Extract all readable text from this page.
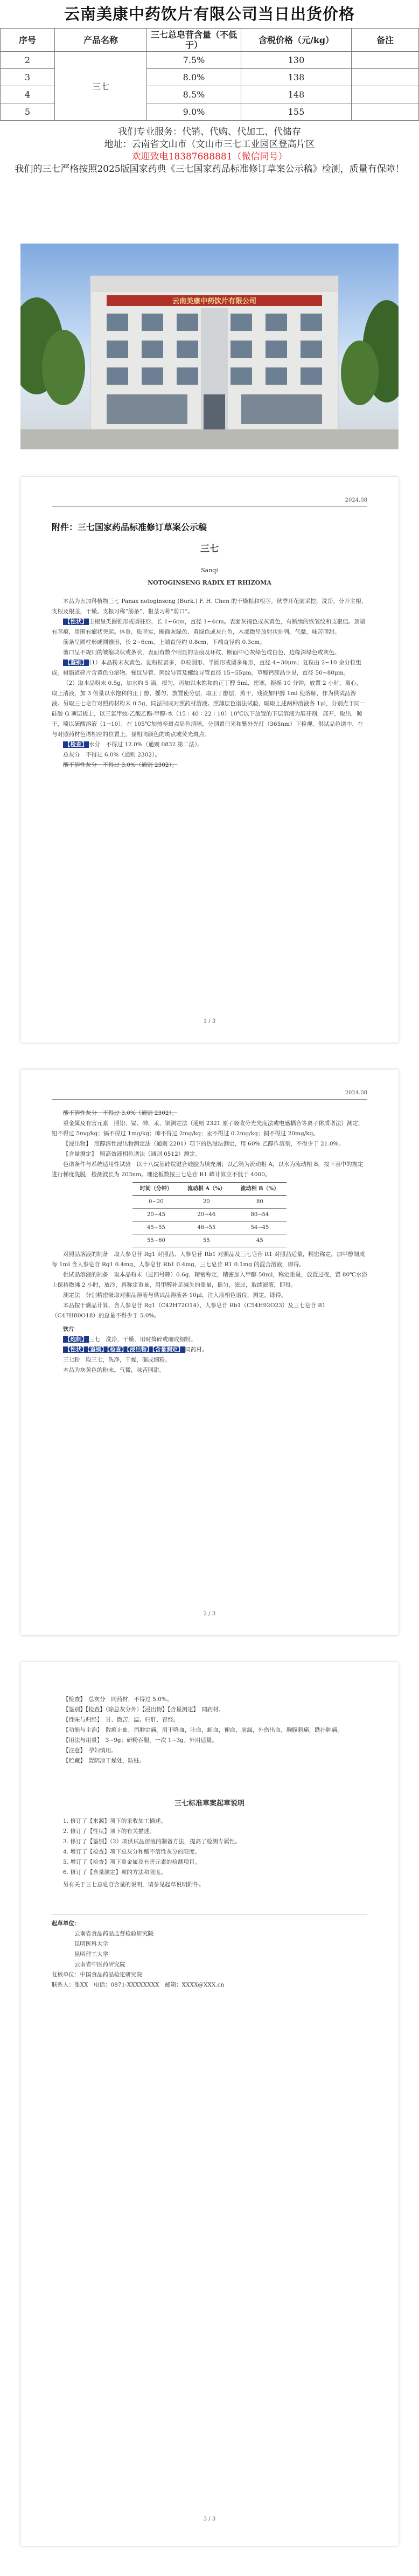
云南美康中药饮片有限公司当日出货价格
序号	产品名称	三七总皂苷含量（不低于）	含税价格（元/kg）	备注
2	三七	7.5%	130	
3		8.0%	138	
4		8.5%	148	
5		9.0%	155	
我们专业服务：代销、代购、代加工、代储存
地址：云南省文山市（文山市三七工业园区登高片区
欢迎致电18387688881（微信同号）
我们的三七严格按照2025版国家药典《三七国家药品标准修订草案公示稿》检测，质量有保障！
云南美康中药饮片有限公司

2024.08
附件：三七国家药品标准修订草案公示稿
三七
Sanqi
NOTOGINSENG RADIX ET RHIZOMA

本品为五加科植物三七 Panax notoginseng (Burk.) F. H. Chen 的干燥根和根茎。秋季开花前采挖，洗净，分开主根、支根及根茎，干燥。支根习称“筋条”，根茎习称“剪口”。

【性状】 主根呈类圆锥形或圆柱形，长 1~6cm，直径 1~4cm。表面灰褐色或灰黄色，有断续的纵皱纹和支根痕。顶端有茎痕，周围有瘤状突起。体重，质坚实，断面灰绿色、黄绿色或灰白色，木部微呈放射状排列。气微，味苦回甜。

筋条呈圆柱形或圆锥形，长 2~6cm，上端直径约 0.8cm，下端直径约 0.3cm。

剪口呈不规则的皱缩块状或条状，表面有数个明显的茎痕及环纹，断面中心灰绿色或白色，边缘深绿色或灰色。

【鉴别】 （1）本品粉末灰黄色。淀粉粒甚多，单粒圆形、半圆形或圆多角形，直径 4~30μm；复粒由 2~10 余分粒组成。树脂道碎片含黄色分泌物。梯纹导管、网纹导管及螺纹导管直径 15~55μm。草酸钙簇晶少见，直径 50~80μm。

（2）取本品粉末 0.5g，加水约 5 滴，搅匀，再加以水饱和的正丁醇 5ml，密塞，振摇 10 分钟，放置 2 小时，离心，取上清液，加 3 倍量以水饱和的正丁醇，摇匀，放置使分层，取正丁醇层，蒸干，残渣加甲醇 1ml 使溶解，作为供试品溶液。另取三七皂苷对照药材粉末 0.5g，同法制成对照药材溶液。照薄层色谱法试验，吸取上述两种溶液各 1μl，分别点于同一硅胶 G 薄层板上，以三氯甲烷-乙酸乙酯-甲醇-水（15∶40∶22∶10）10℃以下放置的下层溶液为展开剂，展开，取出，晾干，喷以硫酸溶液（1→10），在 105℃加热至斑点显色清晰，分别置日光和紫外光灯（365nm）下检视。供试品色谱中，在与对照药材色谱相应的位置上，显相同颜色的斑点或荧光斑点。

【检查】 水分　不得过 12.0%（通则 0832 第二法）。

总灰分　不得过 6.0%（通则 2302）。

酸不溶性灰分　不得过 3.0%（通则 2302）。

1 / 3
2024.08

酸不溶性灰分　不得过 3.0%（通则 2302）。

重金属及有害元素　照铅、镉、砷、汞、铜测定法（通则 2321 原子吸收分光光度法或电感耦合等离子体质谱法）测定，铅不得过 5mg/kg；镉不得过 1mg/kg；砷不得过 2mg/kg；汞不得过 0.2mg/kg；铜不得过 20mg/kg。

【浸出物】　照醇溶性浸出物测定法（通则 2201）项下的热浸法测定，用 60% 乙醇作溶剂，不得少于 21.0%。

【含量测定】　照高效液相色谱法（通则 0512）测定。

色谱条件与系统适用性试验　以十八烷基硅烷键合硅胶为填充剂；以乙腈为流动相 A，以水为流动相 B，按下表中的规定进行梯度洗脱；检测波长为 203nm。理论板数按三七皂苷 R1 峰计算应不低于 4000。

时间（分钟）	流动相 A（%）	流动相 B（%）
0~20	20	80
20~45	20→46	80→54
45~55	46→55	54→45
55~60	55	45

对照品溶液的制备　取人参皂苷 Rg1 对照品、人参皂苷 Rb1 对照品及三七皂苷 R1 对照品适量，精密称定，加甲醇制成每 1ml 含人参皂苷 Rg1 0.4mg、人参皂苷 Rb1 0.4mg、三七皂苷 R1 0.1mg 的混合溶液，即得。

供试品溶液的制备　取本品粉末（过四号筛）0.6g，精密称定，精密加入甲醇 50ml，称定重量，放置过夜，置 80℃水浴上保持微沸 2 小时，放冷，再称定重量，用甲醇补足减失的重量，摇匀，滤过，取续滤液，即得。

测定法　分别精密吸取对照品溶液与供试品溶液各 10μl，注入液相色谱仪，测定，即得。

本品按干燥品计算，含人参皂苷 Rg1（C42H72O14）、人参皂苷 Rb1（C54H92O23）及三七皂苷 R1（C47H80O18）的总量不得少于 5.0%。

饮片

【炮制】 三七　洗净，干燥，用时捣碎或碾成细粉。

【性状】【鉴别】【检查】【浸出物】【含量测定】 同药材。

三七粉　取三七，洗净，干燥，碾成细粉。

本品为灰黄色的粉末。气微，味苦回甜。

2 / 3

【检查】　总灰分　同药材，不得过 5.0%。

【鉴别】【检查】（除总灰分外）【浸出物】【含量测定】　同药材。

【性味与归经】　甘、微苦，温。归肝、胃经。

【功能与主治】　散瘀止血，消肿定痛。用于咯血，吐血，衄血，便血，崩漏，外伤出血，胸腹刺痛，跌扑肿痛。

【用法与用量】　3~9g；研粉吞服，一次 1~3g。外用适量。

【注意】　孕妇慎用。

【贮藏】　置阴凉干燥处，防蛀。

三七标准草案起草说明
1. 修订了【来源】项下的采收加工描述。
2. 修订了【性状】项下的有关描述。
3. 修订了【鉴别】（2）项供试品溶液的制备方法，提高了检测专属性。
4. 增订了【检查】项下总灰分和酸不溶性灰分的限度。
5. 增订了【检查】项下重金属及有害元素的检测项目。
6. 修订了【含量测定】项的方法和限度。

另有关于三七总皂苷含量的说明，请参见起草说明附件。

起草单位：
云南省食品药品监督检验研究院
昆明医科大学
昆明理工大学
云南省中医药研究院
复核单位：中国食品药品检定研究院
联系人：张XX　电话：0871-XXXXXXXX　邮箱：XXXX@XXX.cn
3 / 3
